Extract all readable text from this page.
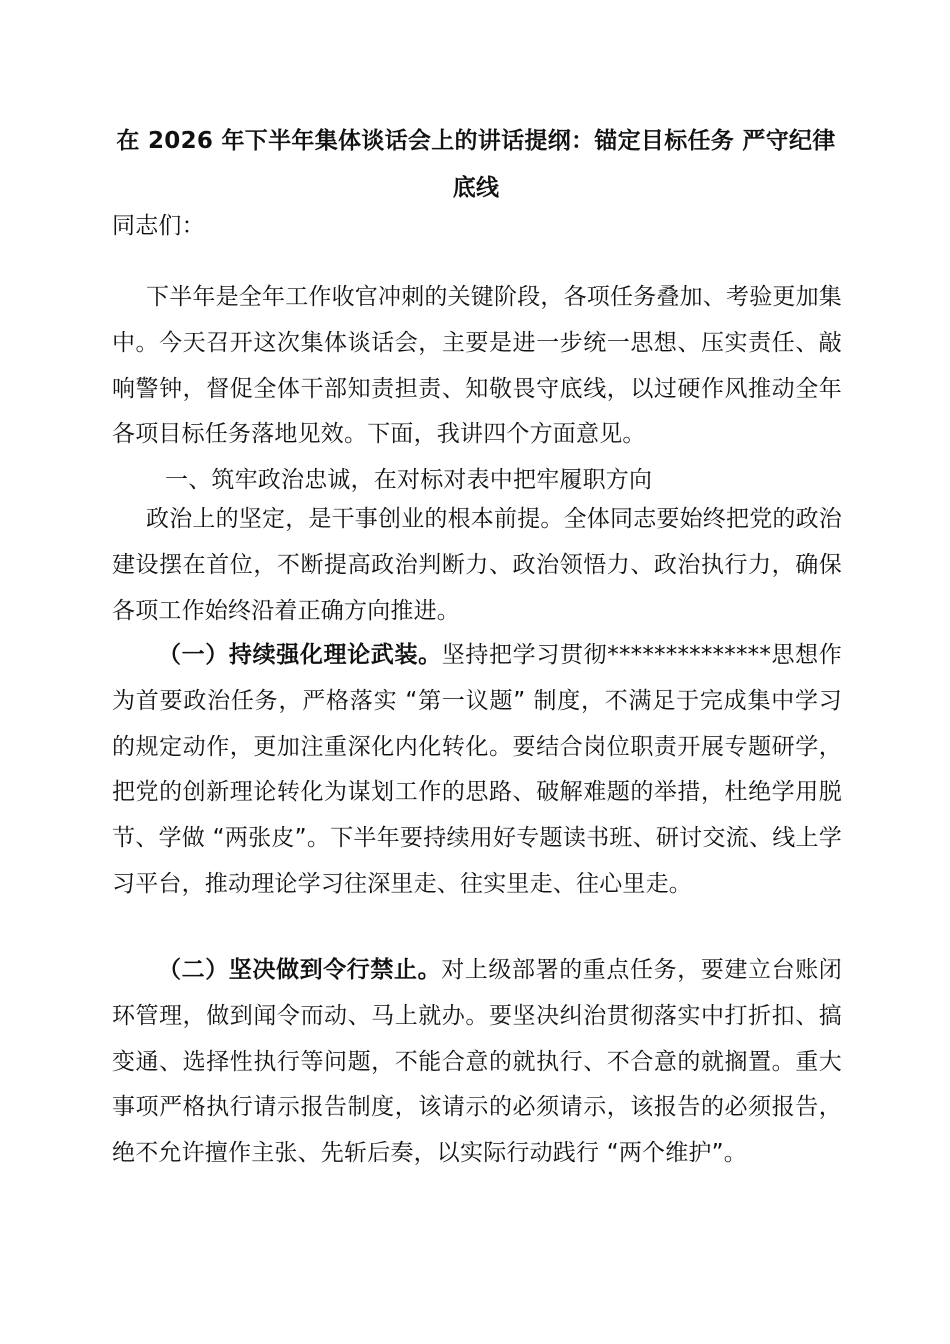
在 2026 年下半年集体谈话会上的讲话提纲：锚定目标任务 严守纪律底线
同志们：
下半年是全年工作收官冲刺的关键阶段，各项任务叠加、考验更加集中。今天召开这次集体谈话会，主要是进一步统一思想、压实责任、敲响警钟，督促全体干部知责担责、知敬畏守底线，以过硬作风推动全年各项目标任务落地见效。下面，我讲四个方面意见。
一、筑牢政治忠诚，在对标对表中把牢履职方向
政治上的坚定，是干事创业的根本前提。全体同志要始终把党的政治建设摆在首位，不断提高政治判断力、政治领悟力、政治执行力，确保各项工作始终沿着正确方向推进。
（一）持续强化理论武装。坚持把学习贯彻**************思想作为首要政治任务，严格落实 “第一议题” 制度，不满足于完成集中学习的规定动作，更加注重深化内化转化。要结合岗位职责开展专题研学，把党的创新理论转化为谋划工作的思路、破解难题的举措，杜绝学用脱节、学做 “两张皮”。下半年要持续用好专题读书班、研讨交流、线上学习平台，推动理论学习往深里走、往实里走、往心里走。
（二）坚决做到令行禁止。对上级部署的重点任务，要建立台账闭环管理，做到闻令而动、马上就办。要坚决纠治贯彻落实中打折扣、搞变通、选择性执行等问题，不能合意的就执行、不合意的就搁置。重大事项严格执行请示报告制度，该请示的必须请示，该报告的必须报告，绝不允许擅作主张、先斩后奏，以实际行动践行 “两个维护”。
